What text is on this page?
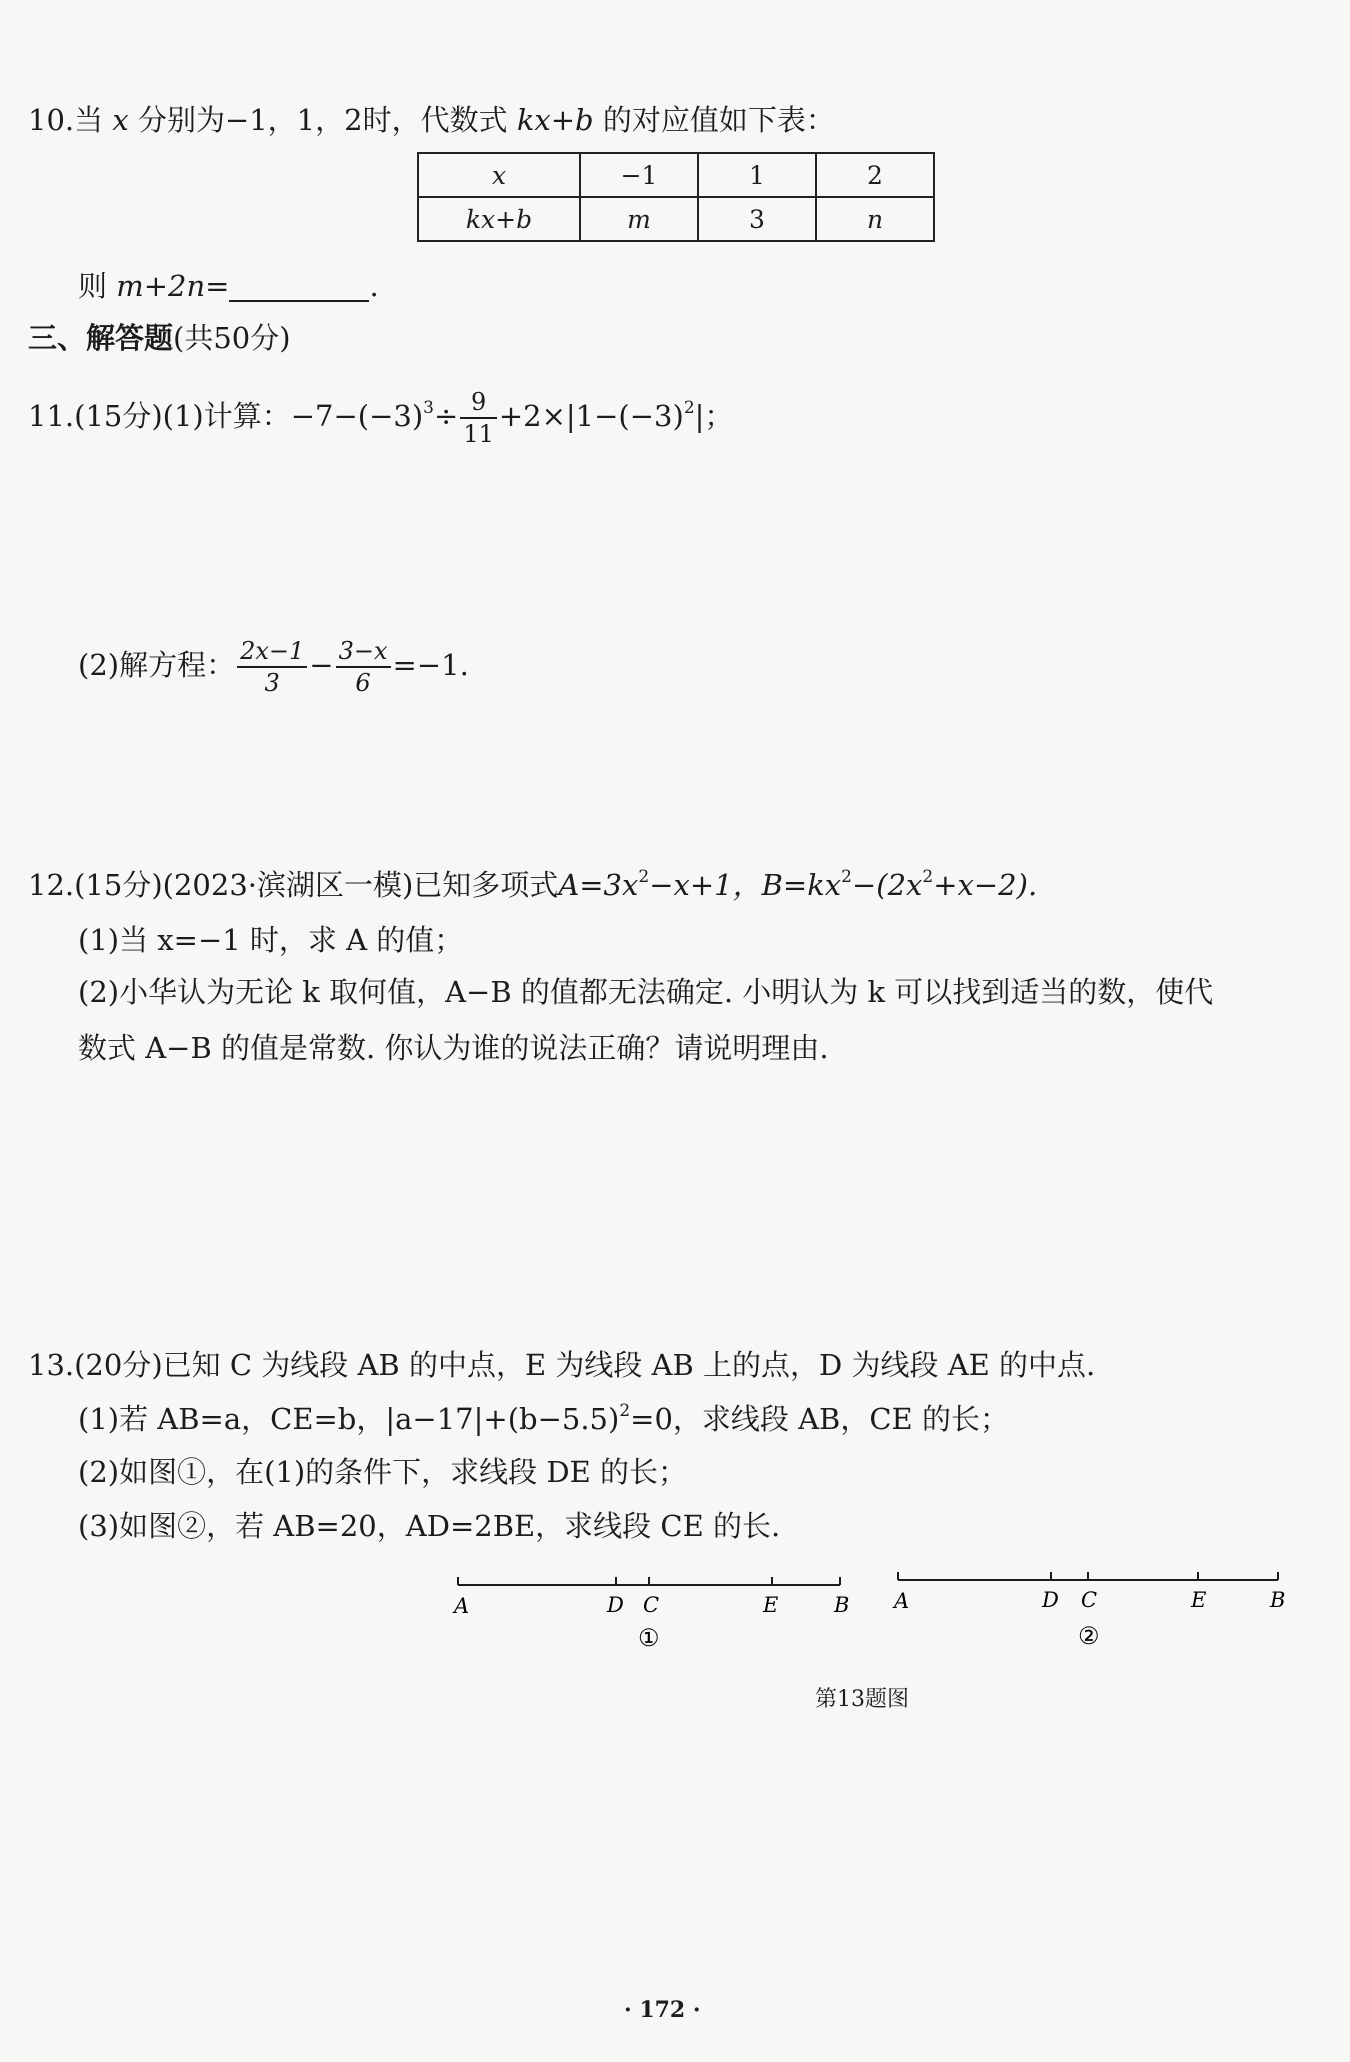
10.当 x 分别为−1，1，2时，代数式 kx+b 的对应值如下表：
x	−1	1	2
kx+b	m	3	n
则 m+2n=	.
三、解答题(共50分)
11.(15分)(1)计算：$-7-(-3)^3\div \frac{9}{11} +2\times|1-(-3)^2|$；
(2)解方程： $\frac{2x-1}{3} - \frac{3-x}{6} =-1$.
12.(15分)(2023·滨湖区一模)已知多项式$A=3x^2-x+1$，$B=kx^2-(2x^2+x-2)$.
(1)当 x=−1 时，求 A 的值；
(2)小华认为无论 k 取何值，A−B 的值都无法确定. 小明认为 k 可以找到适当的数，使代
数式 A−B 的值是常数. 你认为谁的说法正确？请说明理由.
13.(20分)已知 C 为线段 AB 的中点，E 为线段 AB 上的点，D 为线段 AE 的中点.
(1)若 AB=a，CE=b，$|a-17|+(b-5.5)^2=0$，求线段 AB，CE 的长；
(2)如图①，在(1)的条件下，求线段 DE 的长；
(3)如图②，若 AB=20，AD=2BE，求线段 CE 的长.
A	D C	E	B
①
A	D C	E	B
②
第13题图
· 172 ·
